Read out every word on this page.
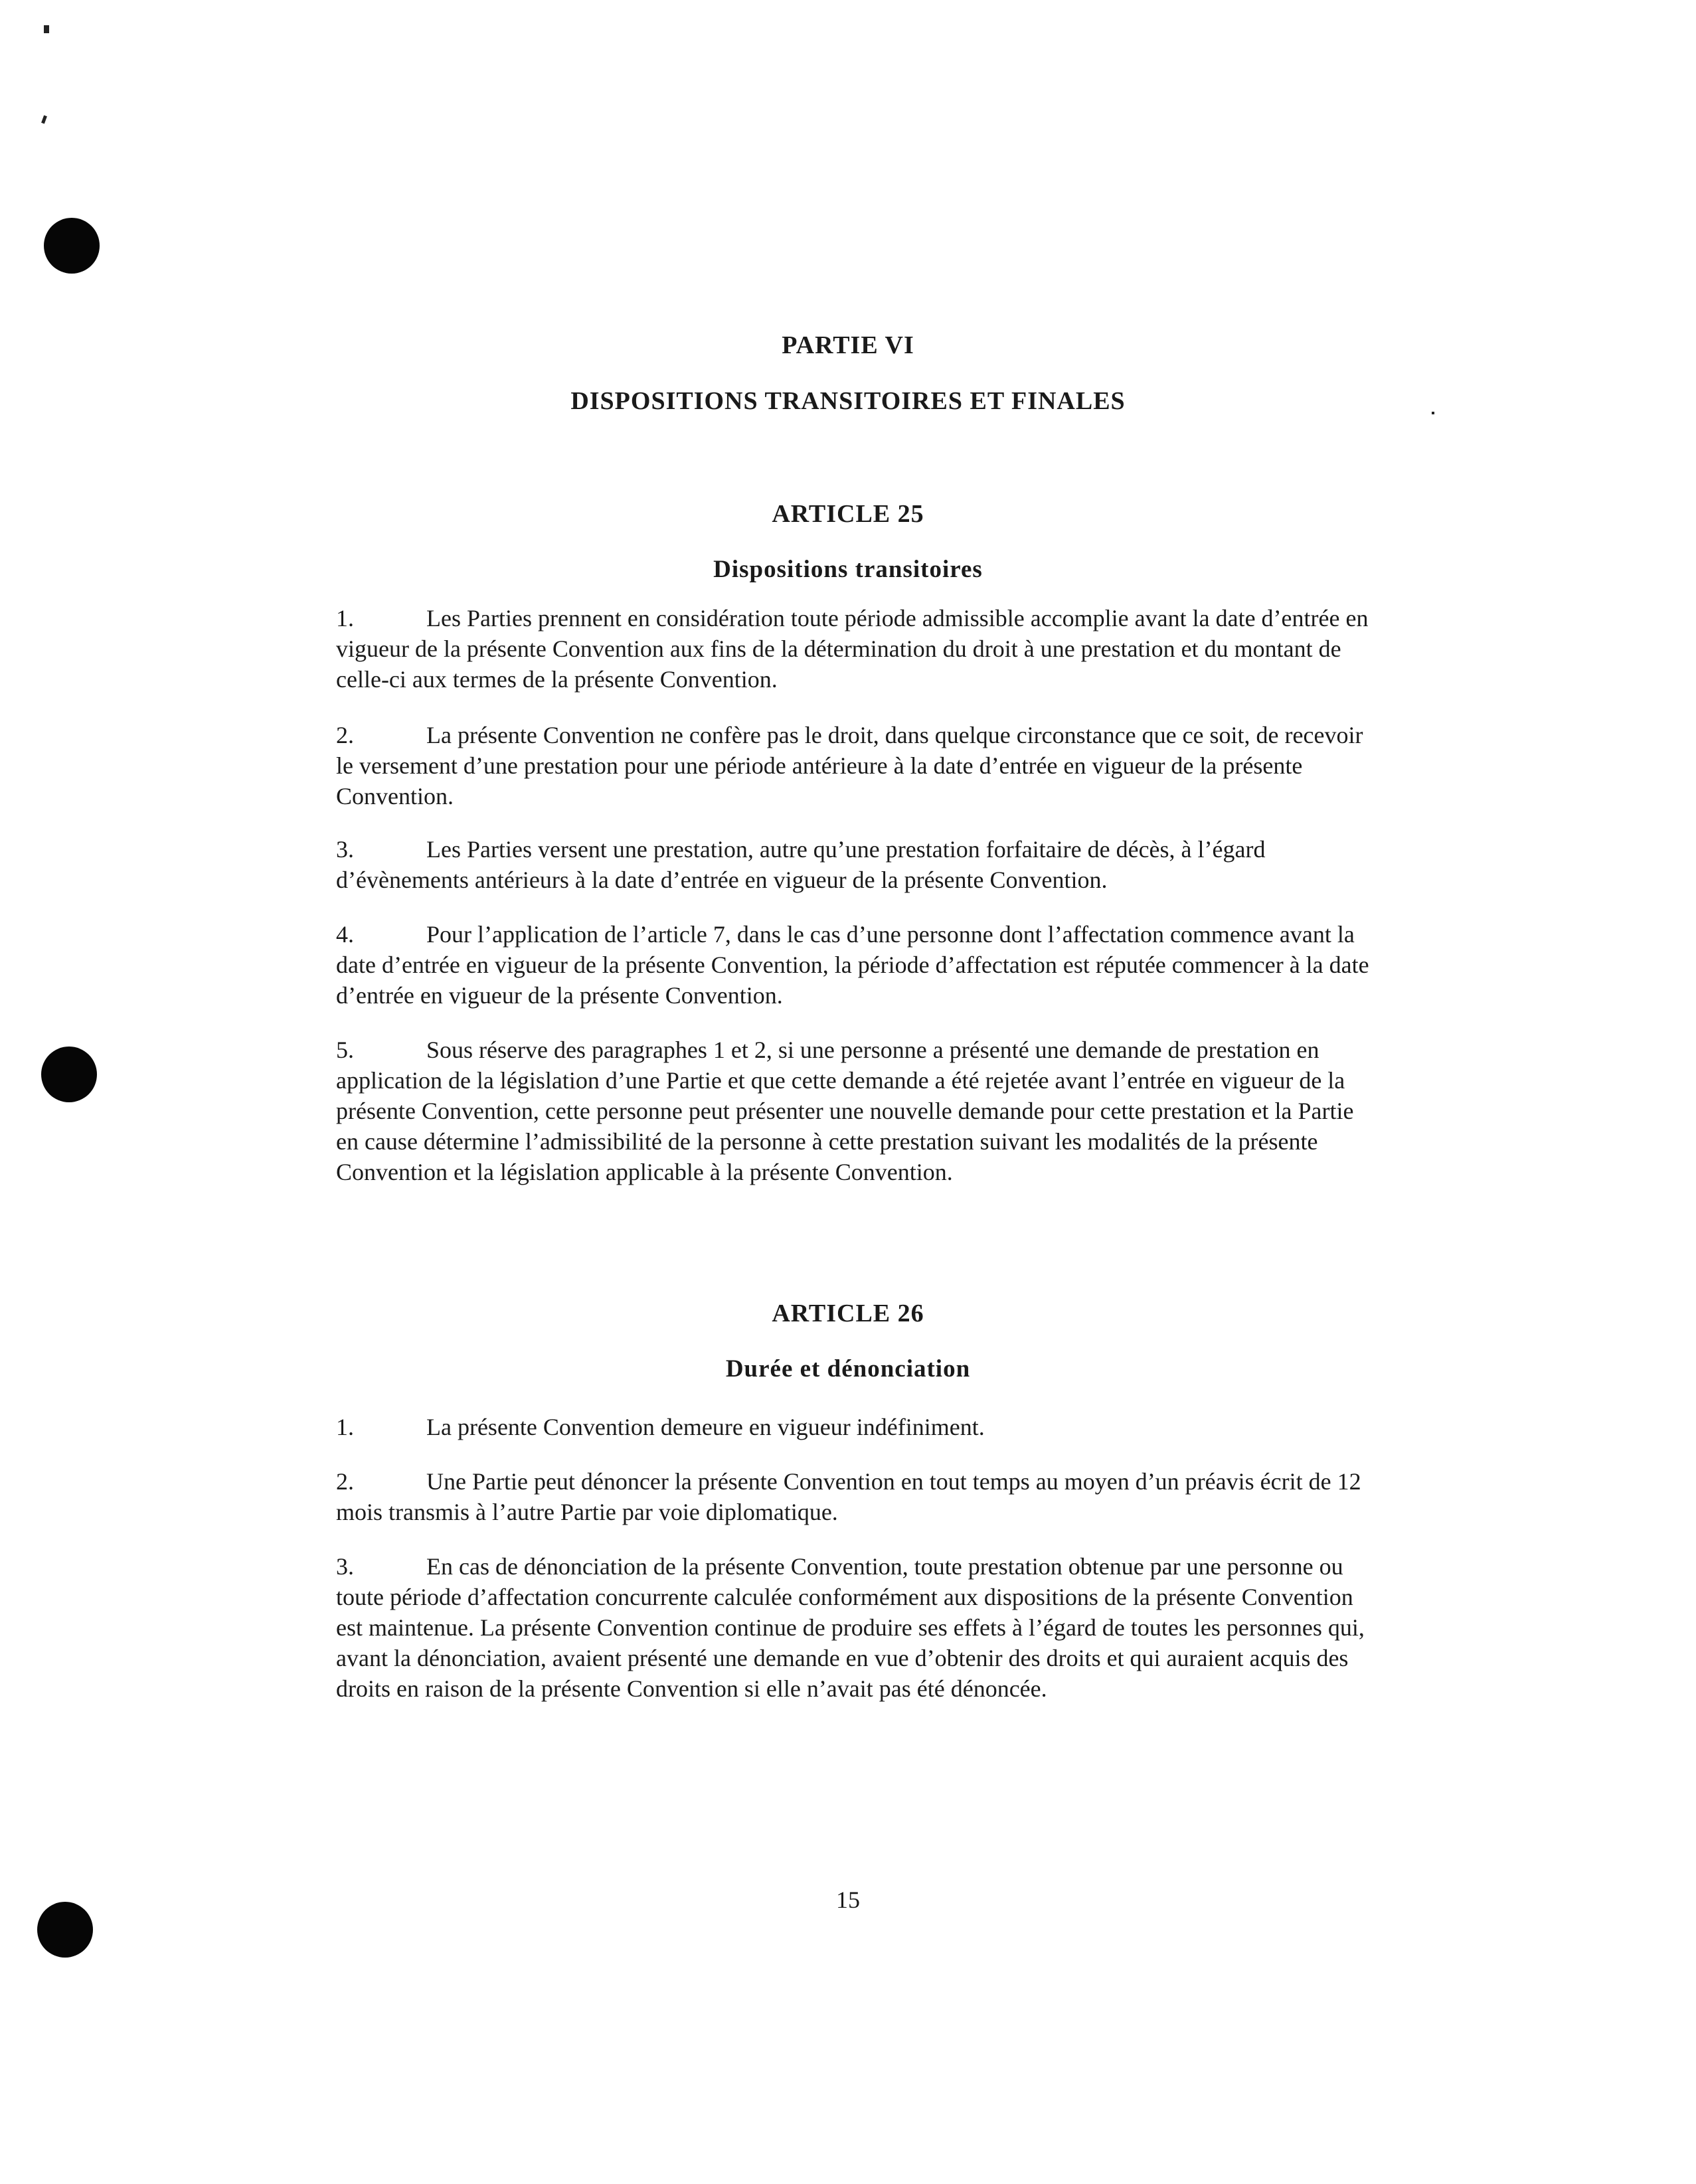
PARTIE VI
DISPOSITIONS TRANSITOIRES ET FINALES
ARTICLE 25
Dispositions transitoires
1.	Les Parties prennent en considération toute période admissible accomplie avant la date d’entrée en vigueur de la présente Convention aux fins de la détermination du droit à une prestation et du montant de celle-ci aux termes de la présente Convention.
2.	La présente Convention ne confère pas le droit, dans quelque circonstance que ce soit, de recevoir le versement d’une prestation pour une période antérieure à la date d’entrée en vigueur de la présente Convention.
3.	Les Parties versent une prestation, autre qu’une prestation forfaitaire de décès, à l’égard d’évènements antérieurs à la date d’entrée en vigueur de la présente Convention.
4.	Pour l’application de l’article 7, dans le cas d’une personne dont l’affectation commence avant la date d’entrée en vigueur de la présente Convention, la période d’affectation est réputée commencer à la date d’entrée en vigueur de la présente Convention.
5.	Sous réserve des paragraphes 1 et 2, si une personne a présenté une demande de prestation en application de la législation d’une Partie et que cette demande a été rejetée avant l’entrée en vigueur de la présente Convention, cette personne peut présenter une nouvelle demande pour cette prestation et la Partie en cause détermine l’admissibilité de la personne à cette prestation suivant les modalités de la présente Convention et la législation applicable à la présente Convention.
ARTICLE 26
Durée et dénonciation
1.	La présente Convention demeure en vigueur indéfiniment.
2.	Une Partie peut dénoncer la présente Convention en tout temps au moyen d’un préavis écrit de 12 mois transmis à l’autre Partie par voie diplomatique.
3.	En cas de dénonciation de la présente Convention, toute prestation obtenue par une personne ou toute période d’affectation concurrente calculée conformément aux dispositions de la présente Convention est maintenue. La présente Convention continue de produire ses effets à l’égard de toutes les personnes qui, avant la dénonciation, avaient présenté une demande en vue d’obtenir des droits et qui auraient acquis des droits en raison de la présente Convention si elle n’avait pas été dénoncée.
15
